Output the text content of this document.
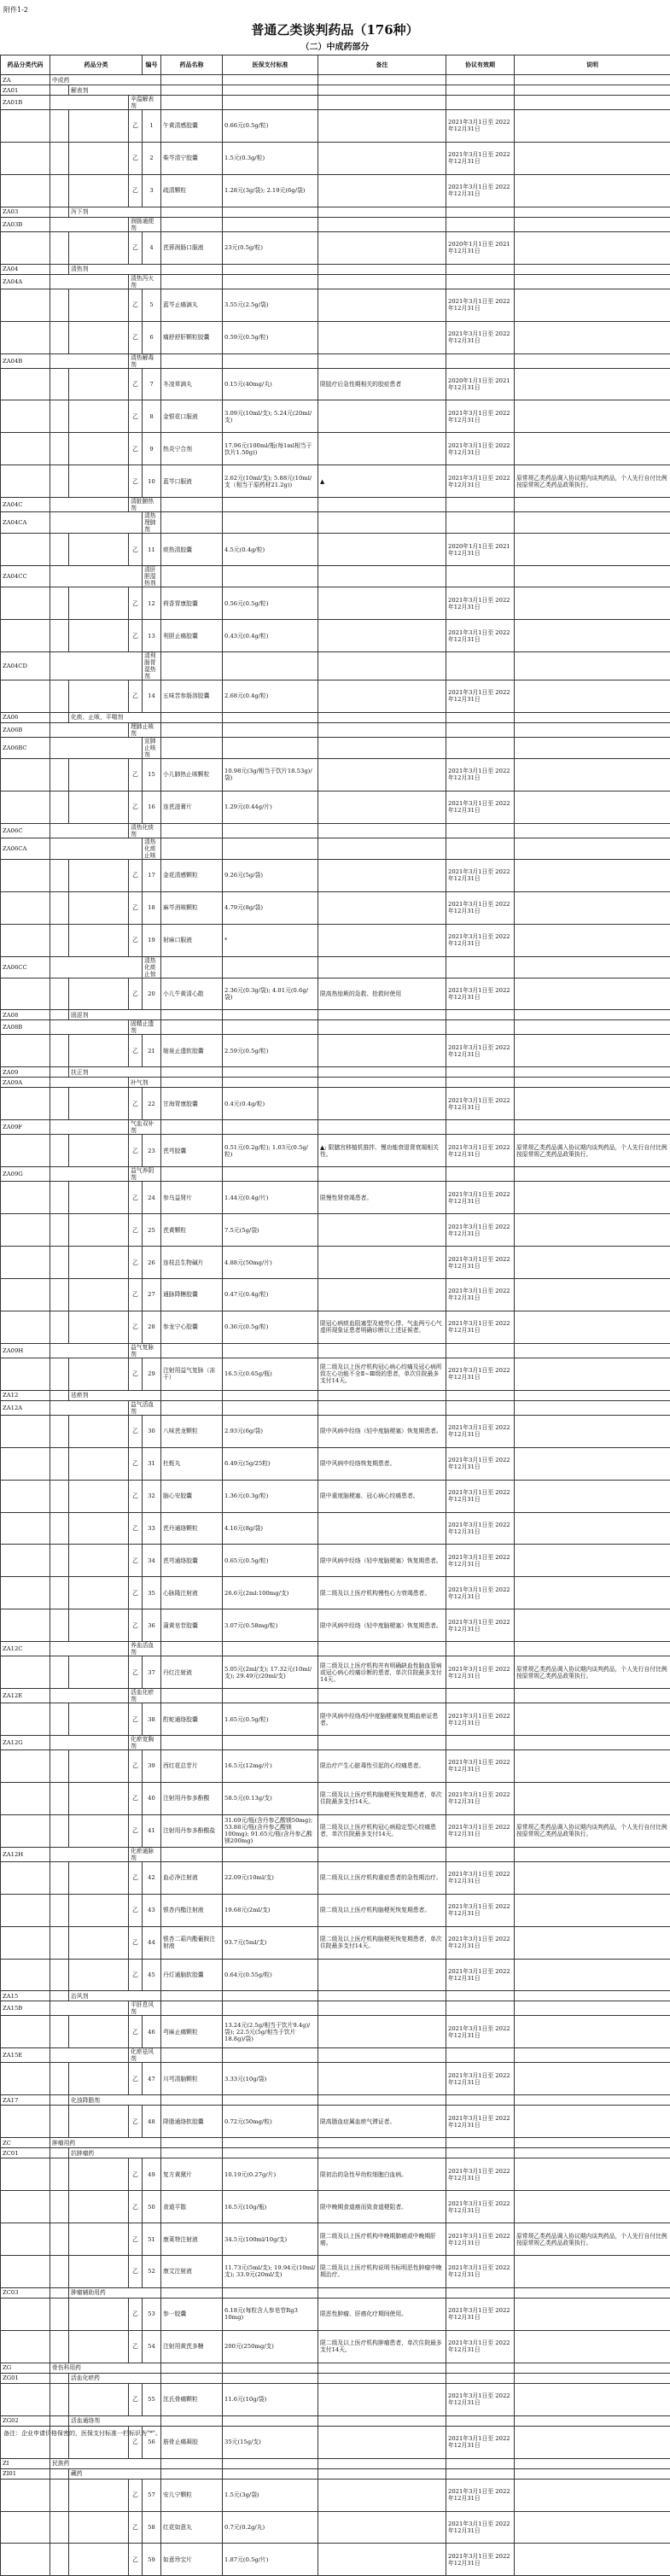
附件1-2
普通乙类谈判药品（176种）
（二）中成药部分
药品分类代码	药品分类			编号	药品名称	医保支付标准	备注	协议有效期	说明	
ZA	中成药									
ZA01		解表剂								
ZA01B			辛温解表剂							
			乙	1	午黄清感胶囊	0.66元(0.5g/粒)		2021年3月1日至 2022年12月31日		
			乙	2	柴芩清宁胶囊	1.5元(0.3g/粒)		2021年3月1日至 2022年12月31日		
			乙	3	疏清颗粒	1.28元(3g/袋); 2.19元(6g/袋)		2021年3月1日至 2022年12月31日		
ZA03		泻下剂								
ZA03B			润肠通便剂							
			乙	4	芪蓉润肠口服液	23元(0.5g/粒)		2020年1月1日至 2021年12月31日		
ZA04		清热剂								
ZA04A			清热泻火剂							
			乙	5	蓝芩止痛滴丸	3.55元(2.5g/袋)		2021年3月1日至 2022年12月31日		
			乙	6	痛舒舒肝颗粒胶囊	0.59元(0.5g/粒)		2021年3月1日至 2022年12月31日		
ZA04B			清热解毒剂							
			乙	7	冬凌草滴丸	0.15元(40mg/丸)	限肢疗后急性期相关的胶症患者	2020年1月1日至 2021年12月31日		
			乙	8	金银花口服液	3.09元(10ml/支); 5.24元(20ml/支)		2021年3月1日至 2022年12月31日		
			乙	9	热炎宁合剂	17.96元(100ml/瓶(每1ml相当于饮片1.50g))		2021年3月1日至 2022年12月31日		
			乙	10	蓝芩口服液	2.62元(10ml/支); 5.88元(10ml/支（相当于原药材21.2g))	▲	2021年3月1日至 2022年12月31日	原常规乙类药品调入协议期内谈判药品，个人先行自付比例按原常规乙类药品政策执行。	
ZA04C			清脏腑热剂							
ZA04CA				清热理肺剂						
			乙	11	痰热清胶囊	4.5元(0.4g/粒)		2020年1月1日至 2021年12月31日		
ZA04CC				清肝胆湿热剂						
			乙	12	荷香胃康胶囊	0.56元(0.5g/粒)		2021年3月1日至 2022年12月31日		
			乙	13	利胆止痛胶囊	0.43元(0.4g/粒)		2021年3月1日至 2022年12月31日		
ZA04CD				清利肠胃湿热剂						
			乙	14	五味苦参肠溶胶囊	2.68元(0.4g/粒)		2021年3月1日至 2022年12月31日		
ZA06		化痰、止咳、平喘剂								
ZA06B			理肺止咳剂							
ZA06BC				宣肺止咳剂						
			乙	15	小儿肺热止咳颗粒	10.98元(3g/相当于饮片18.53g)/袋)		2021年3月1日至 2022年12月31日		
			乙	16	连芪滋膏片	1.29元(0.44g/片)		2021年3月1日至 2022年12月31日		
ZA06C			清热化痰剂							
ZA06CA				清热化痰止咳						
			乙	17	金花清感颗粒	9.26元(5g/袋)		2021年3月1日至 2022年12月31日		
			乙	18	麻芩消咳颗粒	4.79元(8g/袋)		2021年3月1日至 2022年12月31日		
			乙	19	射麻口服液	*		2021年3月1日至 2022年12月31日		
ZA06CC				清热化痰止惊						
			乙	20	小儿牛黄清心散	2.36元(0.3g/袋); 4.01元(0.6g/袋)	限高热惊厥的急救、抢救时使用	2021年3月1日至 2022年12月31日		
ZA08		固涩剂								
ZA08B			固精止遗剂							
			乙	21	缩泉止遗软胶囊	2.59元(0.5g/粒)		2021年3月1日至 2022年12月31日		
ZA09		扶正剂								
ZA09A			补气剂							
			乙	22	甘海胃康胶囊	0.4元(0.4g/粒)		2021年3月1日至 2022年12月31日		
ZA09F			气血双补剂							
			乙	23	芪芎胶囊	0.51元(0.2g/粒); 1.03元(0.5g/粒)	▲; 限膳宫移植机推拌、慢功能衰退肾衰竭相关性。	2021年3月1日至 2022年12月31日	原常规乙类药品调入协议期内谈判药品，个人先行自付比例按原常规乙类药品政策执行。	
ZA09G			益气养阴剂							
			乙	24	参乌益肾片	1.44元(0.4g/片)	限慢性肾衰竭患者。	2021年3月1日至 2022年12月31日		
			乙	25	芪黄颗粒	7.5元(5g/袋)		2021年3月1日至 2022年12月31日		
			乙	26	连枝总生物碱片	4.88元(50mg/片)		2021年3月1日至 2022年12月31日		
			乙	27	通脉降糖胶囊	0.47元(0.4g/粒)		2021年3月1日至 2022年12月31日		
			乙	28	参龙宁心胶囊	0.36元(0.5g/粒)	限冠心病痰血阻塞型及疲劳心悸、气血两亏心气虚所现象证患者明确诊断以上述证候者。	2021年3月1日至 2022年12月31日		
ZA09H			益气复脉剂							
			乙	29	注射用益气复脉（冻干）	16.5元(0.65g/瓶)	限二级及以上医疗机构冠心病心绞痛及冠心病所致左心功能不全Ⅱ~Ⅲ级的患者，单次住院最多支付14天。	2021年3月1日至 2022年12月31日		
ZA12		祛瘀剂								
ZA12A			益气活血剂							
			乙	30	八味芪龙颗粒	2.93元(6g/袋)	限中风病中经络（轻中度脑梗塞）恢复期患者。	2021年3月1日至 2022年12月31日		
			乙	31	杜蛭丸	6.49元(5g/25粒)	限中风病中经络恢复期患者。	2021年3月1日至 2022年12月31日		
			乙	32	脑心安胶囊	1.36元(0.3g/粒)	限中重度脑梗塞、冠心病心绞痛患者。	2021年3月1日至 2022年12月31日		
			乙	33	芪丹通络颗粒	4.16元(8g/袋)		2021年3月1日至 2022年12月31日		
			乙	34	芪芎通络胶囊	0.65元(0.5g/粒)	限中风病中经络（轻中度脑梗塞）恢复期患者。	2021年3月1日至 2022年12月31日		
			乙	35	心脉隆注射液	26.6元(2ml:100mg/支)	限二级及以上医疗机构慢性心力衰竭患者。	2021年3月1日至 2022年12月31日		
			乙	36	蒲黄皂苷胶囊	3.07元(0.58mg/粒)	限中风病中经络（轻中度脑梗塞）恢复期患者。	2021年3月1日至 2022年12月31日		
ZA12C			养血活血剂							
			乙	37	丹红注射液	5.05元(2ml/支); 17.32元(10ml/支); 29.49元(20ml/支)	限二级及以上医疗机构并有明确缺血性脑血管病或冠心病心绞痛诊断的患者，单次住院最多支付14天。	2021年3月1日至 2022年12月31日	原常规乙类药品调入协议期内谈判药品，个人先行自付比例按原常规乙类药品政策执行。	
ZA12E			活血化瘀剂							
			乙	38	酊蛇通络胶囊	1.65元(0.5g/粒)	限中风病中经络/轻中度脑梗塞恢复期血瘀证患者。	2021年3月1日至 2022年12月31日		
ZA12G			化瘀宽胸剂							
			乙	39	西红花总苷片	16.5元(12mg/片)	限治疗产生心脏毒性引起的心绞痛患者。	2021年3月1日至 2022年12月31日		
			乙	40	注射用丹参多酚酸	58.5元(0.13g/支)	限二级及以上医疗机构脑梗死恢复期患者，单次住院最多支付14天。	2021年3月1日至 2022年12月31日		
			乙	41	注射用丹参多酚酸盐	31.69元/瓶(含丹参乙酸镁50mg); 53.88元/瓶(含丹参乙酸镁100mg); 91.65元/瓶(含丹参乙酸镁200mg)	限二级及以上医疗机构冠心病稳定型心绞痛患者，单次住院最多支付14天。	2021年3月1日至 2022年12月31日	原常规乙类药品调入协议期内谈判药品，个人先行自付比例按原常规乙类药品政策执行。	
ZA12H			化瘀通脉剂							
			乙	42	血必净注射液	22.09元(10ml/支)	限二级及以上医疗机构重症患者的急性期治疗。	2021年3月1日至 2022年12月31日		
			乙	43	银杏内酯注射液	19.68元(2ml/支)	限二级及以上医疗机构脑梗死恢复期患者。	2021年3月1日至 2022年12月31日		
			乙	44	银杏二萜内酯葡胺注射液	93.7元(5ml/支)	限二级及以上医疗机构脑梗死恢复期患者，单次住院最多支付14天。	2021年3月1日至 2022年12月31日		
			乙	45	丹灯通脑软胶囊	0.64元(0.55g/粒)		2021年3月1日至 2022年12月31日		
ZA15		治风剂								
ZA15B			平肝息风剂							
			乙	46	芎麻止痛颗粒	13.24元(2.5g/相当于饮片9.4g)/袋); 22.5元(5g/相当于饮片18.8g)/袋)		2021年3月1日至 2022年12月31日		
ZA15E			化瘀祛风剂							
			乙	47	川芎清脑颗粒	3.33元(10g/袋)		2021年3月1日至 2022年12月31日		
ZA17		化浊降脂剂								
			乙	48	降脂通络软胶囊	0.72元(50mg/粒)	限高脂血症属血瘀气滞证者。	2021年3月1日至 2022年12月31日		
ZC	肿瘤用药									
ZC01		抗肿瘤药								
			乙	49	复方黄黛片	10.19元(0.27g/片)	限初治的急性早幼粒细胞白血病。	2021年3月1日至 2022年12月31日		
			乙	50	食道平散	16.5元(10g/瓶)	限中晚期食道癌而致食道梗阻者。	2021年3月1日至 2022年12月31日		
			乙	51	康莱特注射液	34.5元(100ml/10g/支)	限二级及以上医疗机构中晚期肺癌或中晚期肝癌。	2021年3月1日至 2022年12月31日	原常规乙类药品调入协议期内谈判药品，个人先行自付比例按原常规乙类药品政策执行。	
			乙	52	康艾注射液	11.73元(5ml/支); 19.94元(10ml/支); 33.9元(20ml/支)	限二级及以上医疗机构说明书标明恶性肿瘤中晚期治疗。	2021年3月1日至 2022年12月31日		
ZC03		肿瘤辅助用药								
			乙	53	参一胶囊	6.18元(每粒含人参皂苷Rg3 10mg)	限恶性肿瘤、肝癌化疗期间使用。	2021年3月1日至 2022年12月31日		
			乙	54	注射用黄芪多糖	200元(250mg/支)	限二级及以上医疗机构肿瘤患者，单次住院最多支付14天。	2021年3月1日至 2022年12月31日		
ZG	骨伤科用药									
ZG01		活血化瘀药								
			乙	55	沈氏骨痛颗粒	11.6元(10g/袋)		2021年3月1日至 2022年12月31日		
ZG02		活血通络剂								
			乙	56	筋骨止痛凝胶	35元(15g/支)		2021年3月1日至 2022年12月31日		
ZI	民族药									
ZI01		藏药								
			乙	57	安儿宁颗粒	1.5元(3g/袋)		2021年3月1日至 2022年12月31日		
			乙	58	红花如意丸	0.7元(0.2g/丸)		2021年3月1日至 2022年12月31日		
			乙	59	如意珍宝片	1.87元(0.5g/片)		2021年3月1日至 2022年12月31日		
备注：企业申请价格保密的，医保支付标准一栏标识为"*"。
